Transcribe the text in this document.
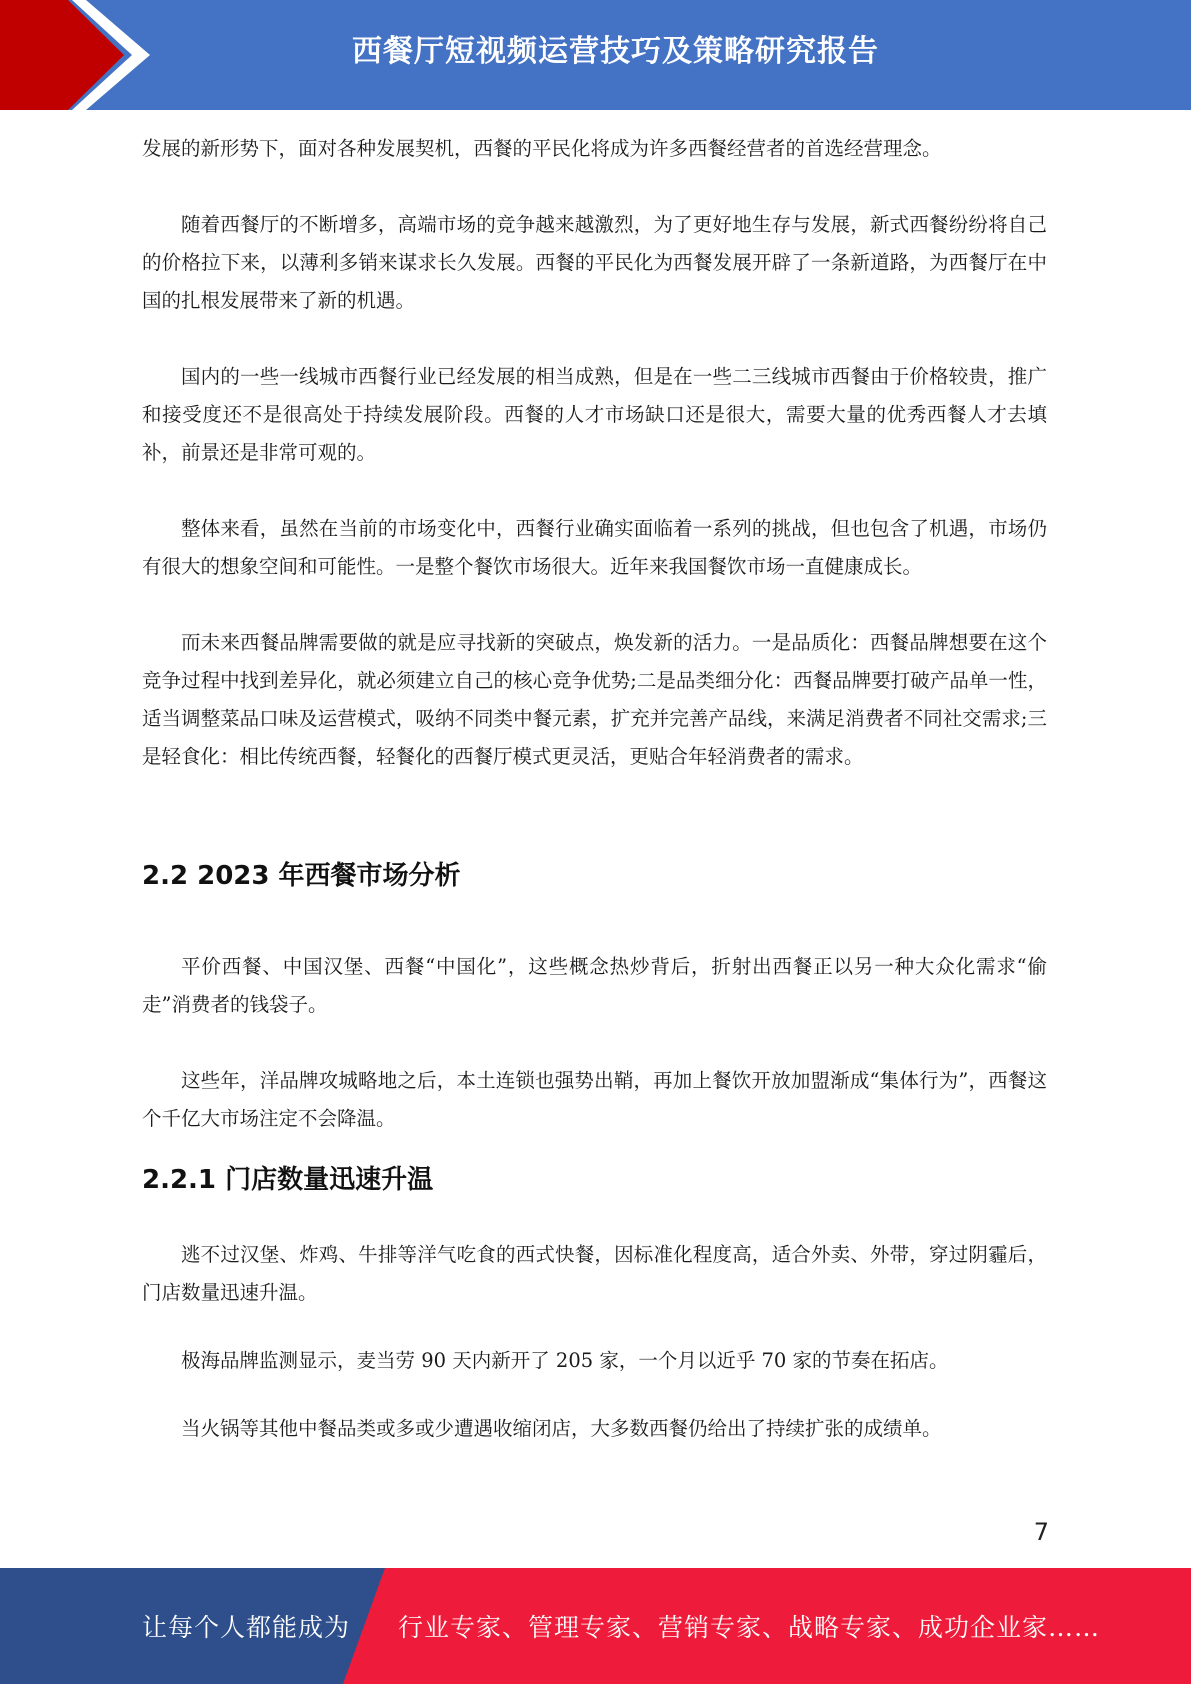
西餐厅短视频运营技巧及策略研究报告

发展的新形势下，面对各种发展契机，西餐的平民化将成为许多西餐经营者的首选经营理念。

随着西餐厅的不断增多，高端市场的竞争越来越激烈，为了更好地生存与发展，新式西餐纷纷将自己的价格拉下来，以薄利多销来谋求长久发展。西餐的平民化为西餐发展开辟了一条新道路，为西餐厅在中国的扎根发展带来了新的机遇。

国内的一些一线城市西餐行业已经发展的相当成熟，但是在一些二三线城市西餐由于价格较贵，推广和接受度还不是很高处于持续发展阶段。西餐的人才市场缺口还是很大，需要大量的优秀西餐人才去填补，前景还是非常可观的。

整体来看，虽然在当前的市场变化中，西餐行业确实面临着一系列的挑战，但也包含了机遇，市场仍有很大的想象空间和可能性。一是整个餐饮市场很大。近年来我国餐饮市场一直健康成长。

而未来西餐品牌需要做的就是应寻找新的突破点，焕发新的活力。一是品质化：西餐品牌想要在这个竞争过程中找到差异化，就必须建立自己的核心竞争优势;二是品类细分化：西餐品牌要打破产品单一性，适当调整菜品口味及运营模式，吸纳不同类中餐元素，扩充并完善产品线，来满足消费者不同社交需求;三是轻食化：相比传统西餐，轻餐化的西餐厅模式更灵活，更贴合年轻消费者的需求。

2.2 2023 年西餐市场分析

平价西餐、中国汉堡、西餐“中国化”，这些概念热炒背后，折射出西餐正以另一种大众化需求“偷走”消费者的钱袋子。

这些年，洋品牌攻城略地之后，本土连锁也强势出鞘，再加上餐饮开放加盟渐成“集体行为”，西餐这个千亿大市场注定不会降温。

2.2.1 门店数量迅速升温

逃不过汉堡、炸鸡、牛排等洋气吃食的西式快餐，因标准化程度高，适合外卖、外带，穿过阴霾后，门店数量迅速升温。

极海品牌监测显示，麦当劳 90 天内新开了 205 家，一个月以近乎 70 家的节奏在拓店。

当火锅等其他中餐品类或多或少遭遇收缩闭店，大多数西餐仍给出了持续扩张的成绩单。

7
让每个人都能成为 行业专家、管理专家、营销专家、战略专家、成功企业家……
